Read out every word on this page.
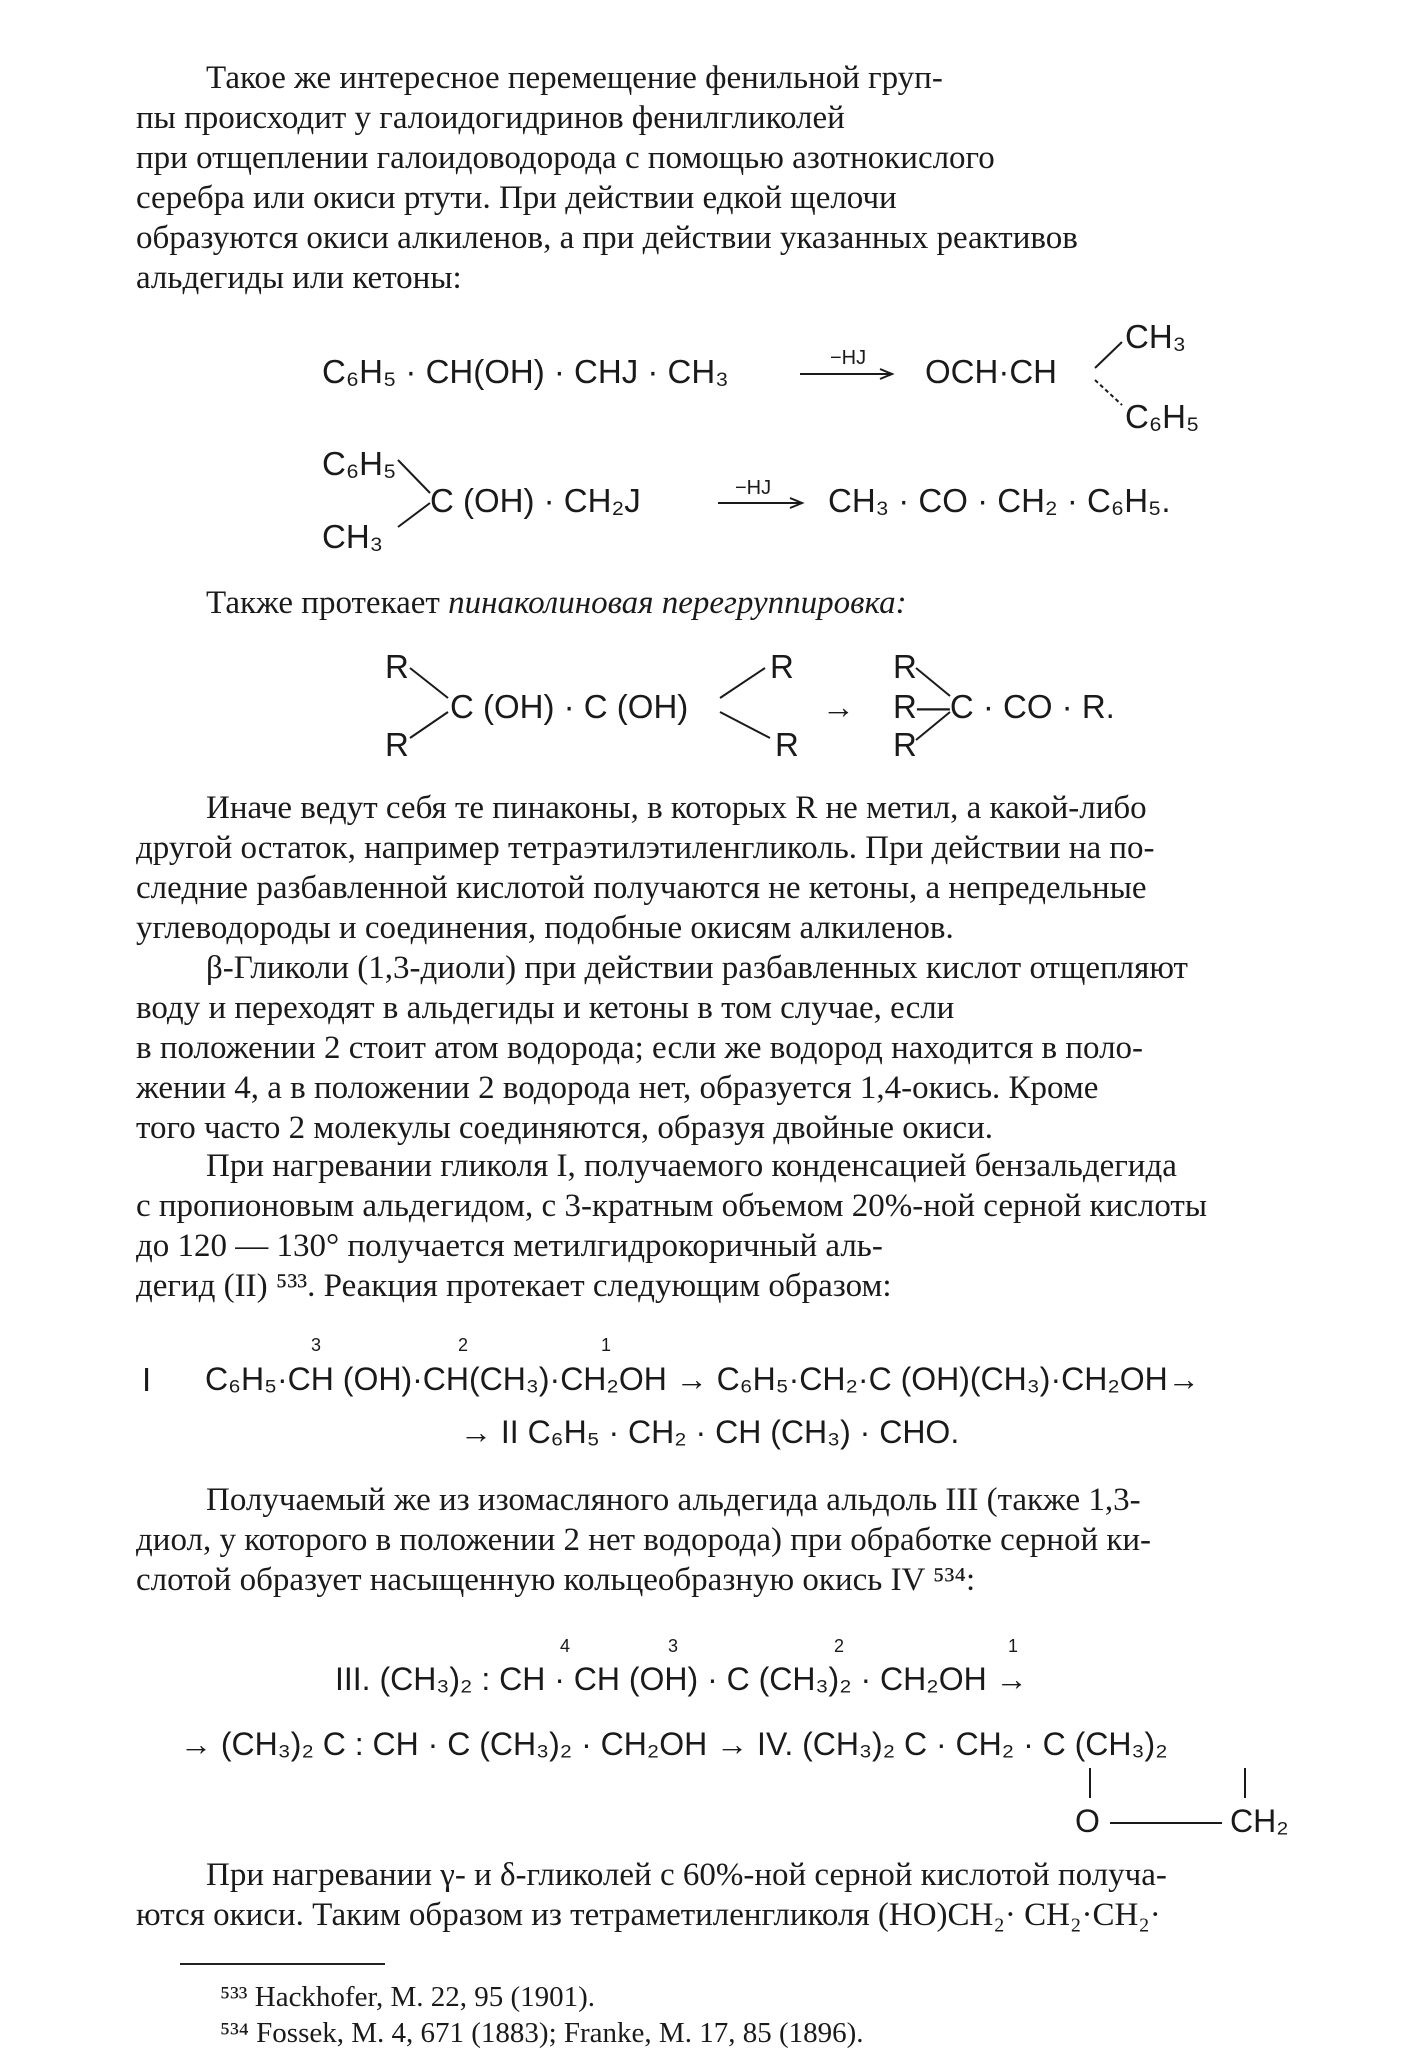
Такое же интересное перемещение фенильной груп-
пы происходит у галоидогидринов фенилгликолей
при отщеплении галоидоводорода с помощью азотнокислого
серебра или окиси ртути. При действии едкой щелочи
образуются окиси алкиленов, а при действии указанных реактивов
альдегиды или кетоны:
C₆H₅ · CH(OH) · CHJ · CH₃	−HJ OCH·CH
CH₃
C₆H₅
C₆H₅
CH₃
C (OH) · CH₂J	−HJ CH₃ · CO · CH₂ · C₆H₅.
Также протекает пинаколиновая перегруппировка:
R
R
C (OH) · C (OH)
R
R
→
R
R—C · CO · R.
R
Иначе ведут себя те пинаконы, в которых R не метил, а какой-либо
другой остаток, например тетраэтилэтиленгликоль. При действии на по-
следние разбавленной кислотой получаются не кетоны, а непредельные
углеводороды и соединения, подобные окисям алкиленов.
β-Гликоли (1,3-диоли) при действии разбавленных кислот отщепляют
воду и переходят в альдегиды и кетоны в том случае, если
в положении 2 стоит атом водорода; если же водород находится в поло-
жении 4, а в положении 2 водорода нет, образуется 1,4-окись. Кроме
того часто 2 молекулы соединяются, образуя двойные окиси.
При нагревании гликоля I, получаемого конденсацией бензальдегида
с пропионовым альдегидом, с 3-кратным объемом 20%-ной серной кислоты
до 120 — 130° получается метилгидрокоричный аль-
дегид (II) ⁵³³. Реакция протекает следующим образом:
3	2	1
I C₆H₅·CH (OH)·CH(CH₃)·CH₂OH → C₆H₅·CH₂·C (OH)(CH₃)·CH₂OH→
→ II C₆H₅ · CH₂ · CH (CH₃) · CHO.
Получаемый же из изомасляного альдегида альдоль III (также 1,3-
диол, у которого в положении 2 нет водорода) при обработке серной ки-
слотой образует насыщенную кольцеобразную окись IV ⁵³⁴:
4	3	2	1
III. (CH₃)₂ : CH · CH (OH) · C (CH₃)₂ · CH₂OH →
→ (CH₃)₂ C : CH · C (CH₃)₂ · CH₂OH → IV. (CH₃)₂ C · CH₂ · C (CH₃)₂
O	CH₂
При нагревании γ- и δ-гликолей с 60%-ной серной кислотой получа-
ются окиси. Таким образом из тетраметиленгликоля (HO)CH₂· CH₂·CH₂·
⁵³³ Hackhofer, M. 22, 95 (1901).
⁵³⁴ Fossek, M. 4, 671 (1883); Franke, M. 17, 85 (1896).
